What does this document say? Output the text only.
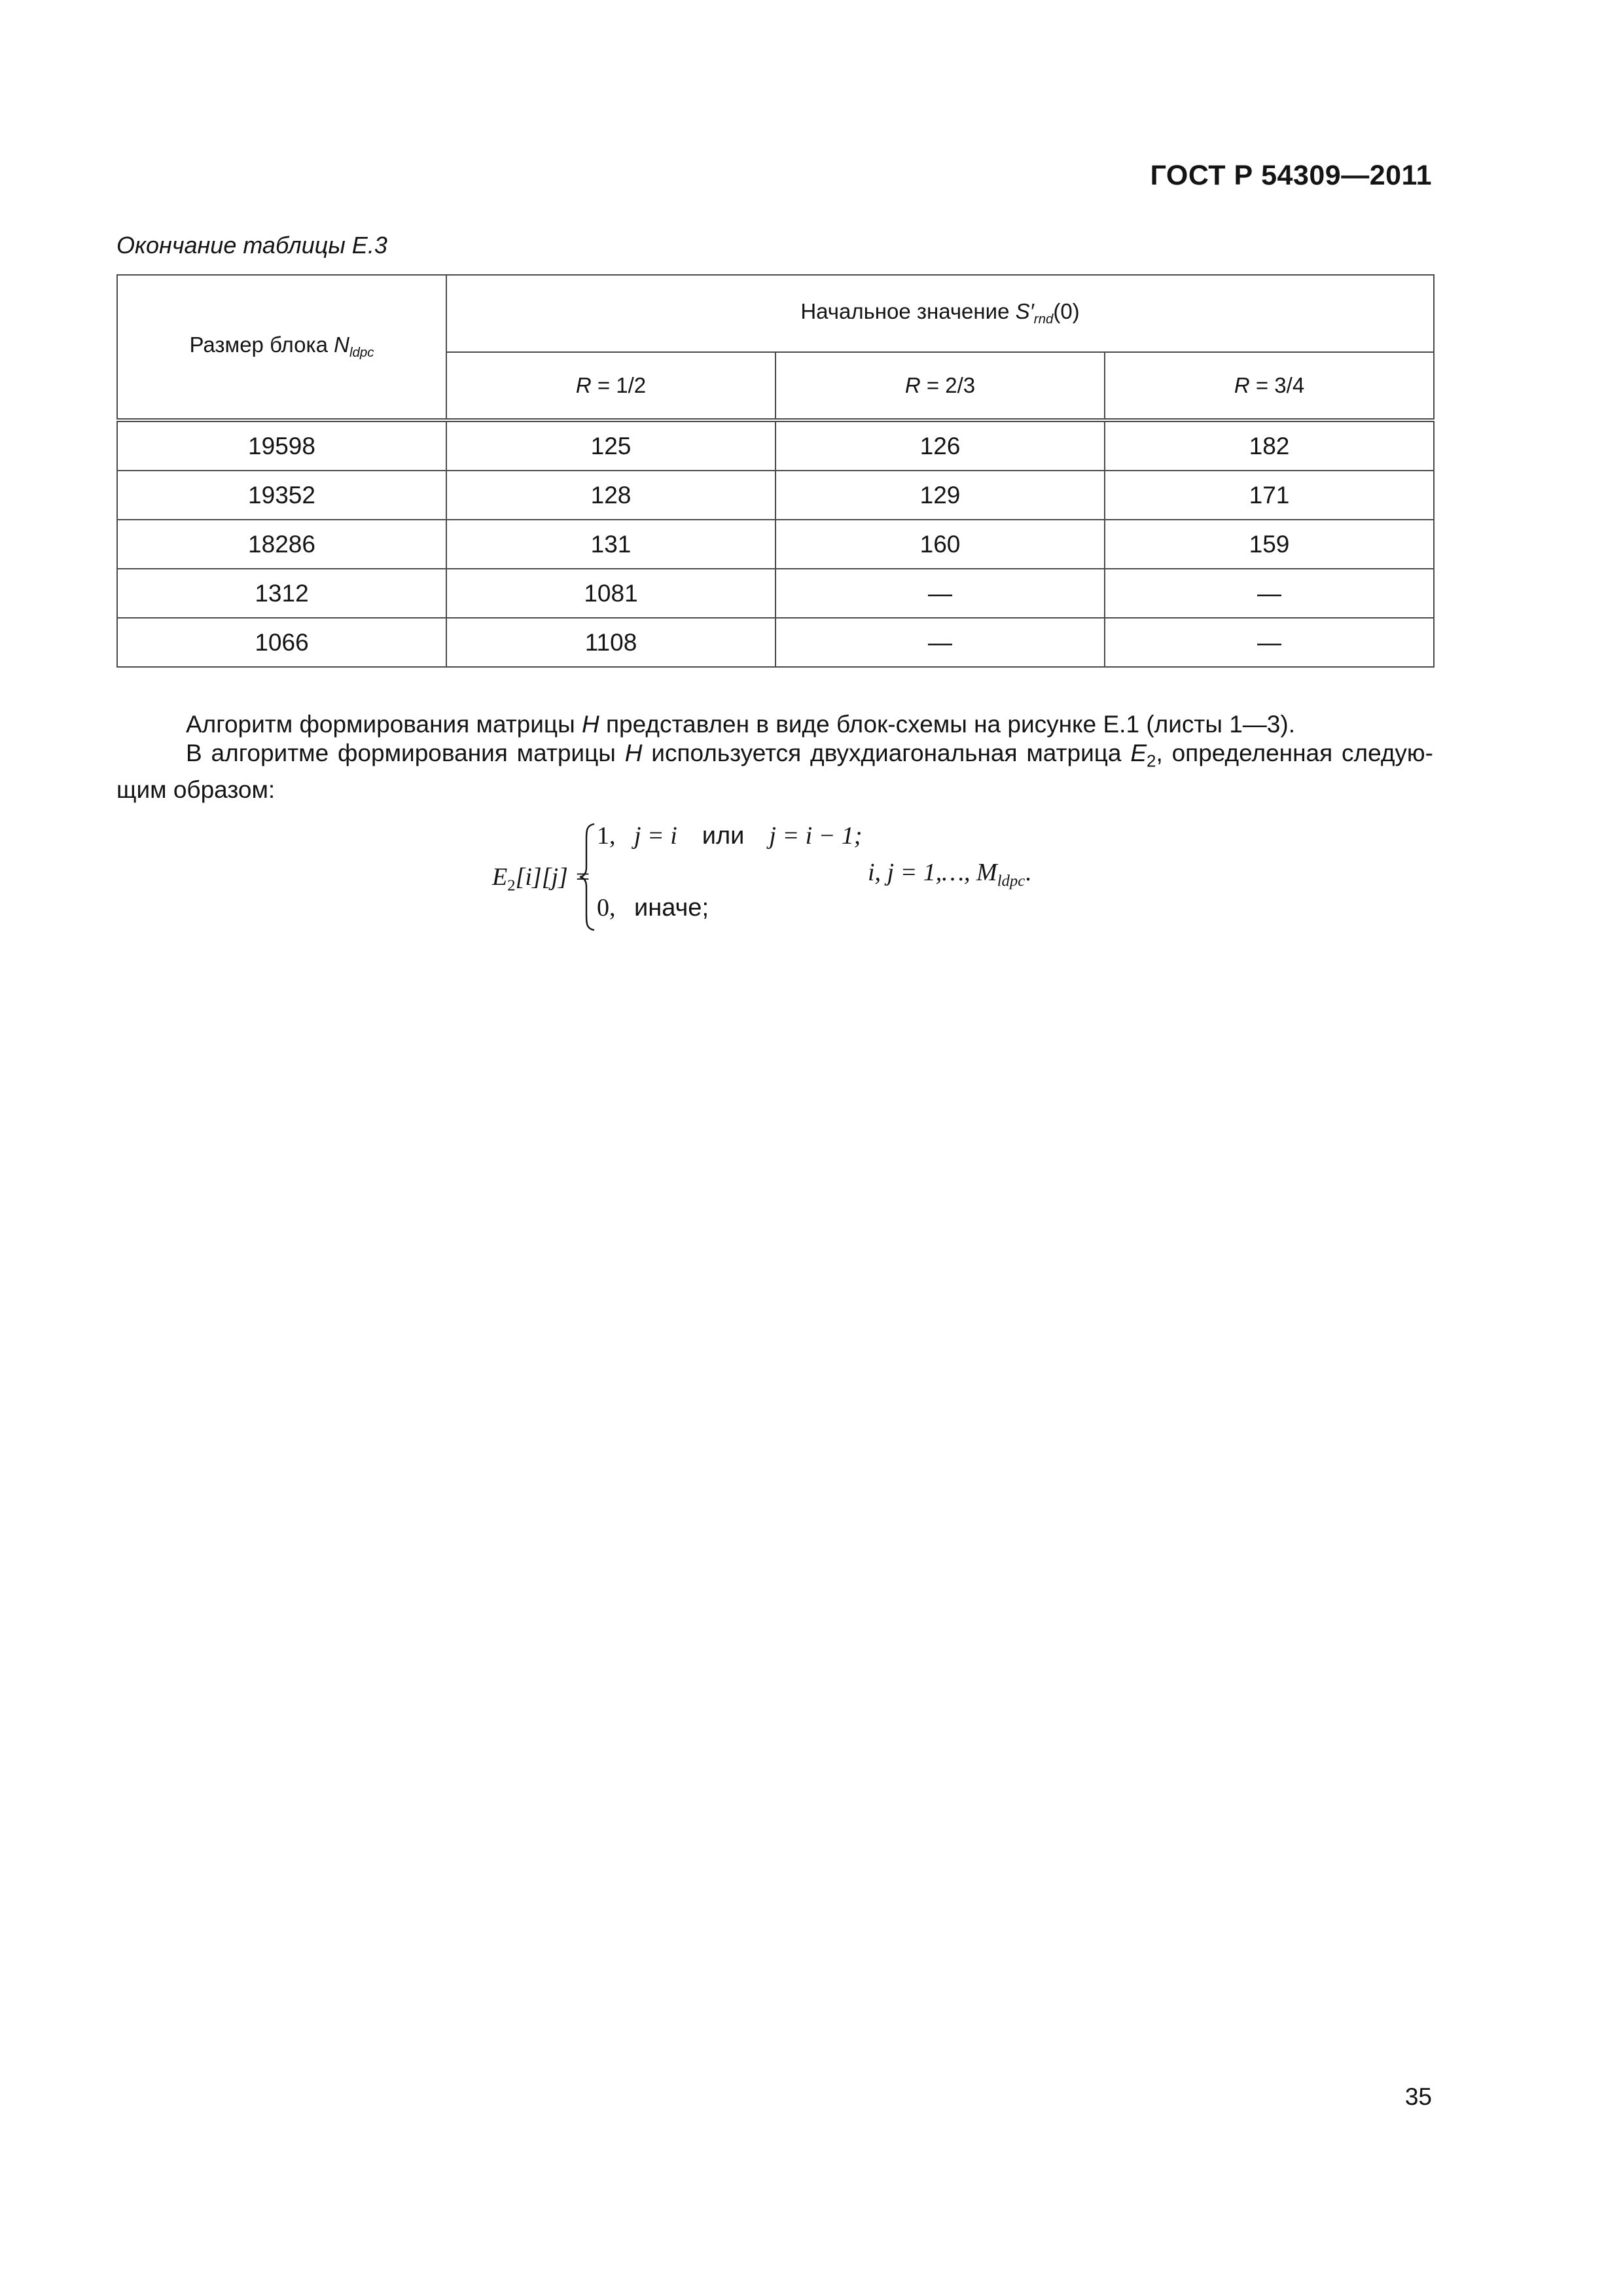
ГОСТ Р 54309—2011
Окончание таблицы Е.3
Размер блока $N_{ldpc}$	Начальное значение $S'_{rnd}(0)$		
	R = 1/2	R = 2/3	R = 3/4
19598	125	126	182
19352	128	129	171
18286	131	160	159
1312	1081	—	—
1066	1108	—	—
Алгоритм формирования матрицы H представлен в виде блок-схемы на рисунке Е.1 (листы 1—3).
В алгоритме формирования матрицы H используется двухдиагональная матрица $E_2$, определенная следую-щим образом:
$E_2[i][j]$ =
1, j = i или j = i − 1;
i, j = 1,…, $M_{ldpc}$.
0, иначе;
35
